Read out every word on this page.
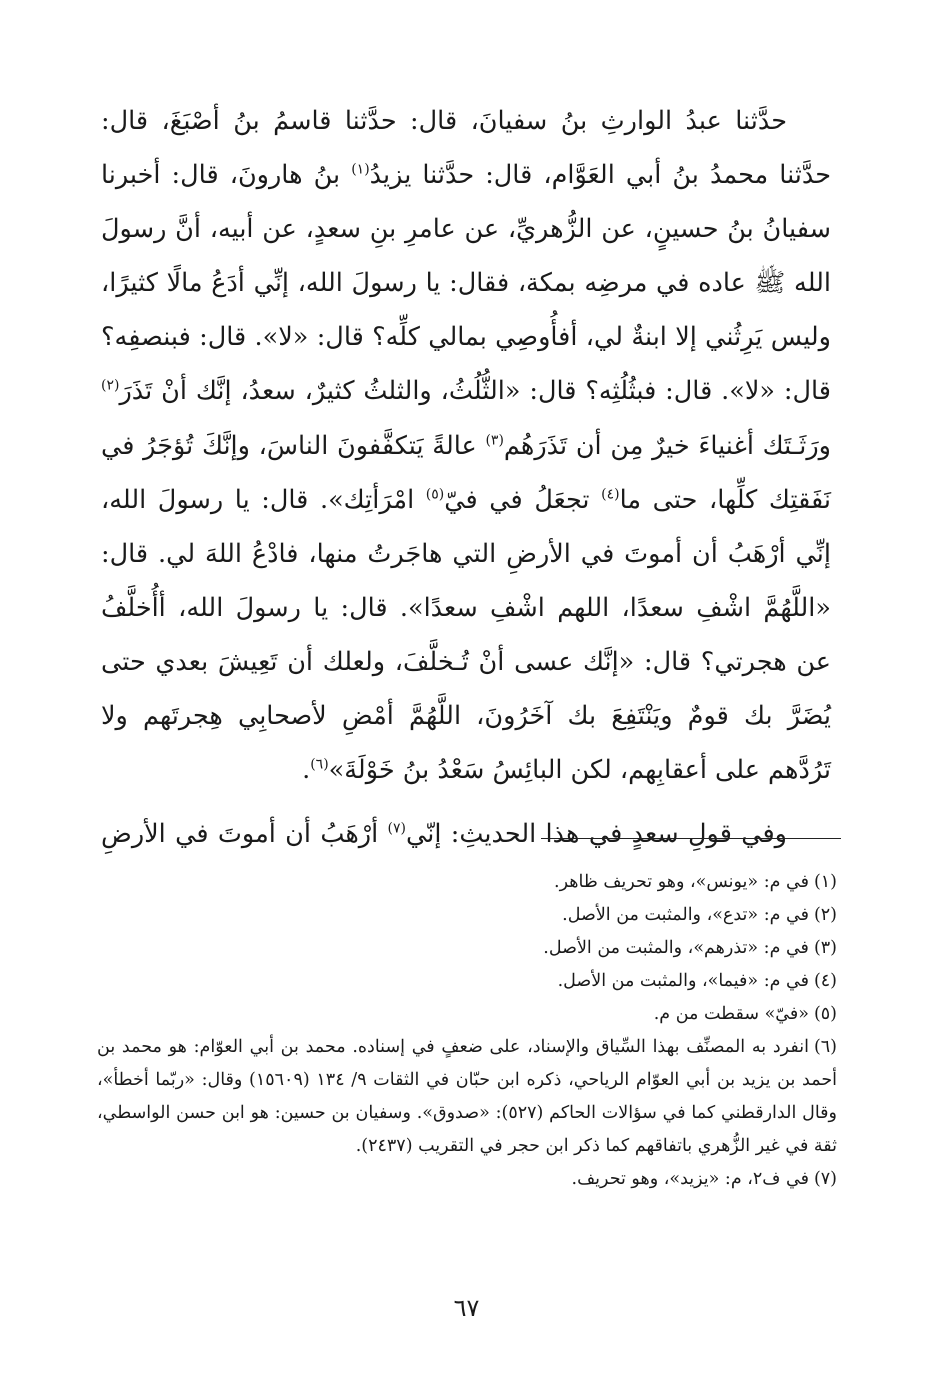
حدَّثنا عبدُ الوارثِ بنُ سفيانَ، قال: حدَّثنا قاسمُ بنُ أصْبَغَ، قال: حدَّثنا محمدُ بنُ أبي العَوَّام، قال: حدَّثنا يزيدُ$^{(١)}$ بنُ هارونَ، قال: أخبرنا سفيانُ بنُ حسينٍ، عن الزُّهريِّ، عن عامرِ بنِ سعدٍ، عن أبيه، أنَّ رسولَ الله ﷺ عاده في مرضِه بمكة، فقال: يا رسولَ الله، إنِّي أدَعُ مالًا كثيرًا، وليس يَرِثُني إلا ابنةٌ لي، أفأُوصِي بمالي كلِّه؟ قال: «لا». قال: فبنصفِه؟ قال: «لا». قال: فبثُلُثِه؟ قال: «الثُّلُثُ، والثلثُ كثيرٌ، سعدُ، إنَّك أنْ تَذَرَ$^{(٢)}$ ورَثَـتَك أغنياءَ خيرٌ مِن أن تَذَرَهُم$^{(٣)}$ عالةً يَتكفَّفونَ الناسَ، وإنَّكَ تُؤجَرُ في نَفَقتِك كلِّها، حتى ما$^{(٤)}$ تجعَلُ في فيّ$^{(٥)}$ امْرَأتِك». قال: يا رسولَ الله، إنِّي أرْهَبُ أن أموتَ في الأرضِ التي هاجَرتُ منها، فادْعُ اللهَ لي. قال: «اللَّهُمَّ اشْفِ سعدًا، اللهم اشْفِ سعدًا». قال: يا رسولَ الله، أأُخلَّفُ عن هجرتي؟ قال: «إنَّك عسى أنْ تُـخلَّفَ، ولعلك أن تَعِيشَ بعدي حتى يُضَرَّ بك قومٌ ويَنْتَفِعَ بك آخَرُونَ، اللَّهُمَّ أمْضِ لأصحابِي هِجرتَهم ولا تَرُدَّهم على أعقابِهم، لكن البائِسُ سَعْدُ بنُ خَوْلَةَ»$^{(٦)}$.

وفي قولِ سعدٍ في هذا الحديثِ: إنّي$^{(٧)}$ أرْهَبُ أن أموتَ في الأرضِ

(١)في م: «يونس»، وهو تحريف ظاهر.
(٢)في م: «تدع»، والمثبت من الأصل.
(٣)في م: «تذرهم»، والمثبت من الأصل.
(٤)في م: «فيما»، والمثبت من الأصل.
(٥)«فيّ» سقطت من م.
(٦)انفرد به المصنِّف بهذا السِّياق والإسناد، على ضعفٍ في إسناده. محمد بن أبي العوّام: هو محمد بن أحمد بن يزيد بن أبي العوّام الرياحي، ذكره ابن حبّان في الثقات ٩/ ١٣٤ (١٥٦٠٩) وقال: «ربّما أخطأ»، وقال الدارقطني كما في سؤالات الحاكم (٥٢٧): «صدوق». وسفيان بن حسين: هو ابن حسن الواسطي، ثقة في غير الزُّهري باتفاقهم كما ذكر ابن حجر في التقريب (٢٤٣٧).
(٧)في ف٢، م: «يزيد»، وهو تحريف.
٦٧
